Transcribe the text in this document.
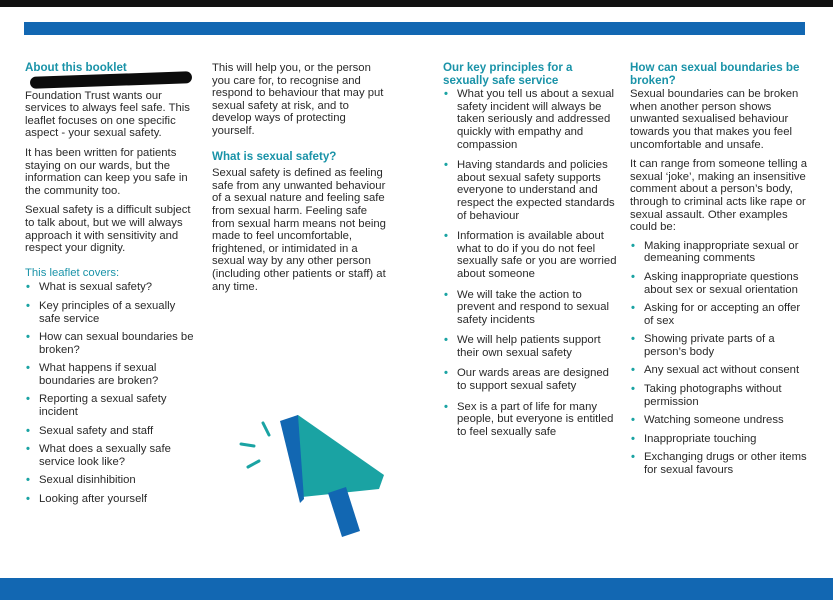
About this booklet

Foundation Trust wants our services to always feel safe. This leaflet focuses on one specific aspect - your sexual safety.

It has been written for patients staying on our wards, but the information can keep you safe in the community too.

Sexual safety is a difficult subject to talk about, but we will always approach it with sensitivity and respect your dignity.

This leaflet covers:
• What is sexual safety?
• Key principles of a sexually safe service
• How can sexual boundaries be broken?
• What happens if sexual boundaries are broken?
• Reporting a sexual safety incident
• Sexual safety and staff
• What does a sexually safe service look like?
• Sexual disinhibition
• Looking after yourself

This will help you, or the person you care for, to recognise and respond to behaviour that may put sexual safety at risk, and to develop ways of protecting yourself.

What is sexual safety?

Sexual safety is defined as feeling safe from any unwanted behaviour of a sexual nature and feeling safe from sexual harm. Feeling safe from sexual harm means not being made to feel uncomfortable, frightened, or intimidated in a sexual way by any other person (including other patients or staff) at any time.

Our key principles for a sexually safe service
• What you tell us about a sexual safety incident will always be taken seriously and addressed quickly with empathy and compassion
• Having standards and policies about sexual safety supports everyone to understand and respect the expected standards of behaviour
• Information is available about what to do if you do not feel sexually safe or you are worried about someone
• We will take the action to prevent and respond to sexual safety incidents
• We will help patients support their own sexual safety
• Our wards areas are designed to support sexual safety
• Sex is a part of life for many people, but everyone is entitled to feel sexually safe
How can sexual boundaries be broken?

Sexual boundaries can be broken when another person shows unwanted sexualised behaviour towards you that makes you feel uncomfortable and unsafe.

It can range from someone telling a sexual ‘joke’, making an insensitive comment about a person’s body, through to criminal acts like rape or sexual assault. Other examples could be:

• Making inappropriate sexual or demeaning comments
• Asking inappropriate questions about sex or sexual orientation
• Asking for or accepting an offer of sex
• Showing private parts of a person’s body
• Any sexual act without consent
• Taking photographs without permission
• Watching someone undress
• Inappropriate touching
• Exchanging drugs or other items for sexual favours
